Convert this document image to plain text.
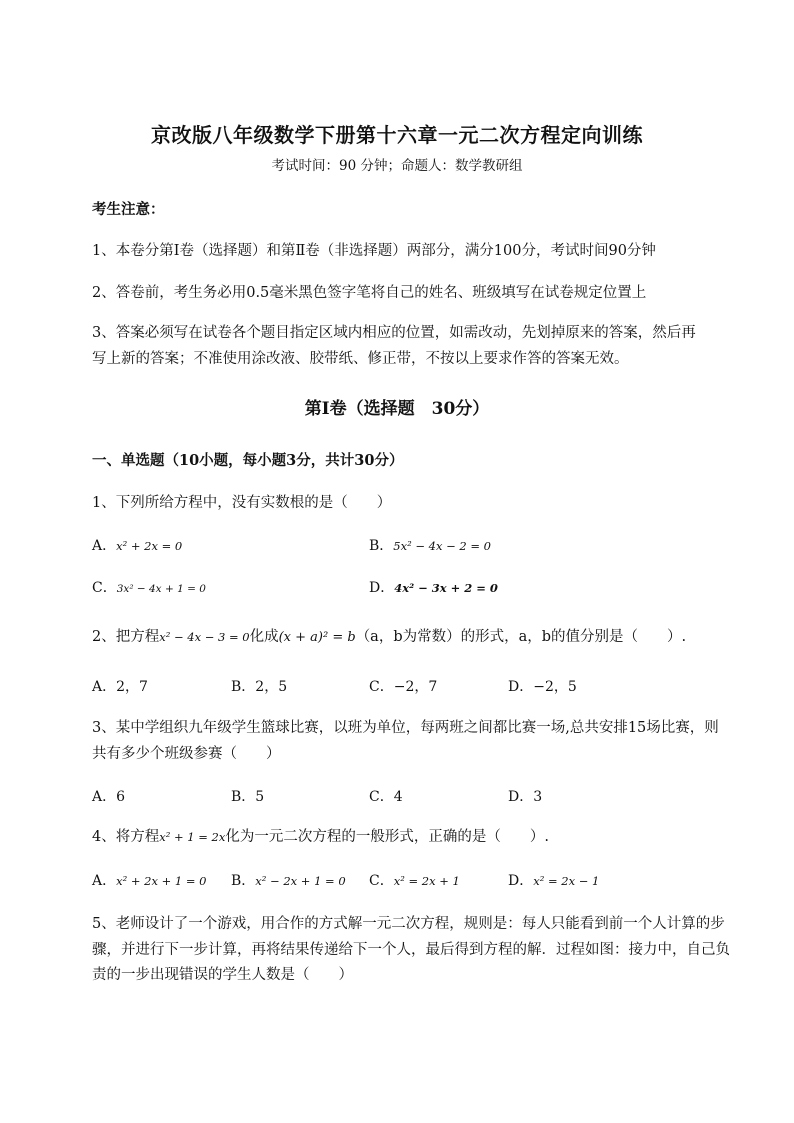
京改版八年级数学下册第十六章一元二次方程定向训练
考试时间：90 分钟；命题人：数学教研组
考生注意：
1、本卷分第Ⅰ卷（选择题）和第Ⅱ卷（非选择题）两部分，满分100分，考试时间90分钟
2、答卷前，考生务必用0.5毫米黑色签字笔将自己的姓名、班级填写在试卷规定位置上
3、答案必须写在试卷各个题目指定区域内相应的位置，如需改动，先划掉原来的答案，然后再写上新的答案；不准使用涂改液、胶带纸、修正带，不按以上要求作答的答案无效。
第Ⅰ卷（选择题　30分）
一、单选题（10小题，每小题3分，共计30分）
1、下列所给方程中，没有实数根的是（　　）
A．x² + 2x = 0	B．5x² − 4x − 2 = 0
C．3x² − 4x + 1 = 0	D．4x² − 3x + 2 = 0
2、把方程x² − 4x − 3 = 0化成(x + a)² = b（a，b为常数）的形式，a，b的值分别是（　　）.
A．2，7	B．2，5	C．−2，7	D．−2，5
3、某中学组织九年级学生篮球比赛，以班为单位，每两班之间都比赛一场,总共安排15场比赛，则
共有多少个班级参赛（　　）
A．6	B．5	C．4	D．3
4、将方程x² + 1 = 2x化为一元二次方程的一般形式，正确的是（　　）.
A．x² + 2x + 1 = 0 B．x² − 2x + 1 = 0 C．x² = 2x + 1	D．x² = 2x − 1
5、老师设计了一个游戏，用合作的方式解一元二次方程，规则是：每人只能看到前一个人计算的步
骤，并进行下一步计算，再将结果传递给下一个人，最后得到方程的解．过程如图：接力中，自己负
责的一步出现错误的学生人数是（　　）
